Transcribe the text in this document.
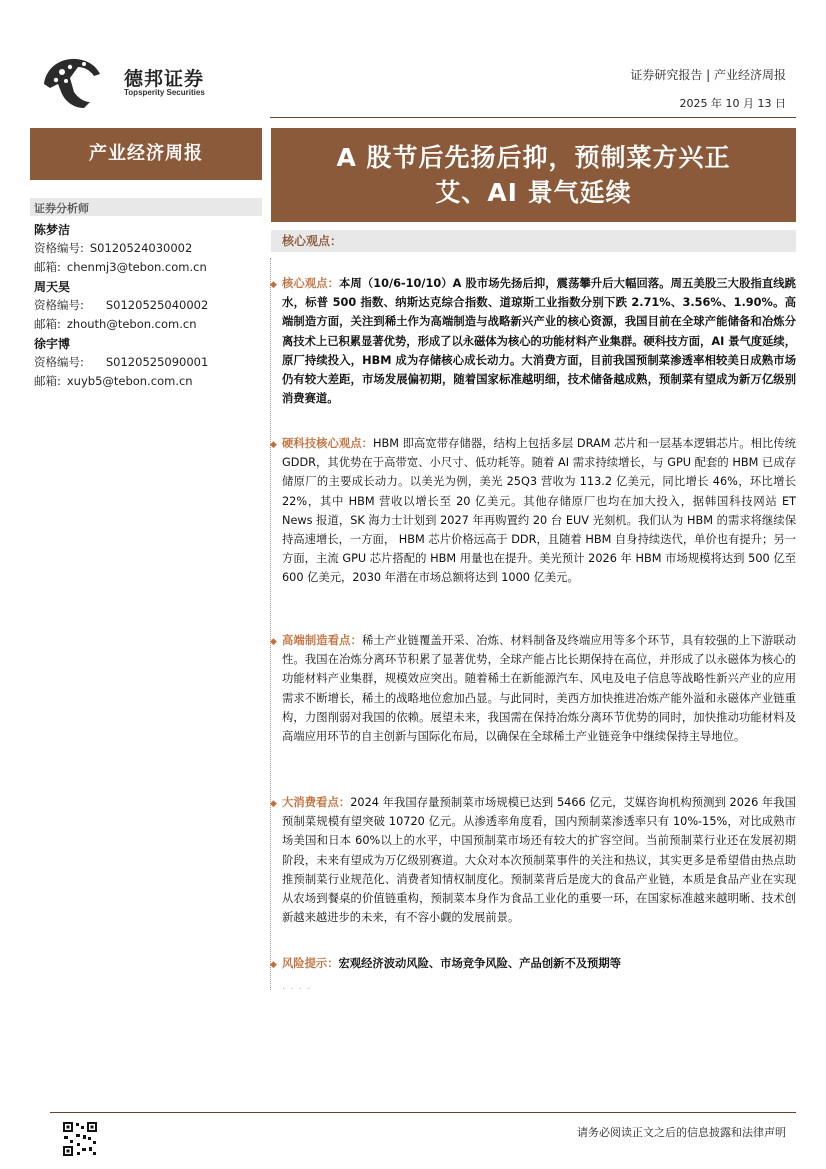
德邦证券
Topsperity Securities
证券研究报告 | 产业经济周报
2025 年 10 月 13 日
产业经济周报
证券分析师
陈梦洁
资格编号: S0120524030002
邮箱: chenmj3@tebon.com.cn
周天昊
资格编号: S0120525040002
邮箱: zhouth@tebon.com.cn
徐宇博
资格编号: S0120525090001
邮箱: xuyb5@tebon.com.cn
A 股节后先扬后抑，预制菜方兴正
艾、AI 景气延续
核心观点：
◆ 核心观点：本周（10/6-10/10）A 股市场先扬后抑，震荡攀升后大幅回落。周五美股三大股指直线跳水，标普 500 指数、纳斯达克综合指数、道琼斯工业指数分别下跌 2.71%、3.56%、1.90%。高端制造方面，关注到稀土作为高端制造与战略新兴产业的核心资源，我国目前在全球产能储备和冶炼分离技术上已积累显著优势，形成了以永磁体为核心的功能材料产业集群。硬科技方面，AI 景气度延续，原厂持续投入，HBM 成为存储核心成长动力。大消费方面，目前我国预制菜渗透率相较美日成熟市场仍有较大差距，市场发展偏初期，随着国家标准越明细，技术储备越成熟，预制菜有望成为新万亿级别消费赛道。
◆ 硬科技核心观点：HBM 即高宽带存储器，结构上包括多层 DRAM 芯片和一层基本逻辑芯片。相比传统 GDDR，其优势在于高带宽、小尺寸、低功耗等。随着 AI 需求持续增长，与 GPU 配套的 HBM 已成存储原厂的主要成长动力。以美光为例，美光 25Q3 营收为 113.2 亿美元，同比增长 46%，环比增长 22%，其中 HBM 营收以增长至 20 亿美元。其他存储原厂也均在加大投入，据韩国科技网站 ET News 报道，SK 海力士计划到 2027 年再购置约 20 台 EUV 光刻机。我们认为 HBM 的需求将继续保持高速增长，一方面， HBM 芯片价格远高于 DDR，且随着 HBM 自身持续迭代，单价也有提升；另一方面，主流 GPU 芯片搭配的 HBM 用量也在提升。美光预计 2026 年 HBM 市场规模将达到 500 亿至 600 亿美元，2030 年潜在市场总额将达到 1000 亿美元。
◆ 高端制造看点：稀土产业链覆盖开采、冶炼、材料制备及终端应用等多个环节，具有较强的上下游联动性。我国在冶炼分离环节积累了显著优势，全球产能占比长期保持在高位，并形成了以永磁体为核心的功能材料产业集群，规模效应突出。随着稀土在新能源汽车、风电及电子信息等战略性新兴产业的应用需求不断增长，稀土的战略地位愈加凸显。与此同时，美西方加快推进冶炼产能外溢和永磁体产业链重构，力图削弱对我国的依赖。展望未来，我国需在保持冶炼分离环节优势的同时，加快推动功能材料及高端应用环节的自主创新与国际化布局，以确保在全球稀土产业链竞争中继续保持主导地位。
◆ 大消费看点：2024 年我国存量预制菜市场规模已达到 5466 亿元，艾媒咨询机构预测到 2026 年我国预制菜规模有望突破 10720 亿元。从渗透率角度看，国内预制菜渗透率只有 10%-15%，对比成熟市场美国和日本 60%以上的水平，中国预制菜市场还有较大的扩容空间。当前预制菜行业还在发展初期阶段，未来有望成为万亿级别赛道。大众对本次预制菜事件的关注和热议，其实更多是希望借由热点助推预制菜行业规范化、消费者知情权制度化。预制菜背后是庞大的食品产业链，本质是食品产业在实现从农场到餐桌的价值链重构，预制菜本身作为食品工业化的重要一环，在国家标准越来越明晰、技术创新越来越进步的未来，有不容小觑的发展前景。
◆ 风险提示：宏观经济波动风险、市场竞争风险、产品创新不及预期等
· · · ·
请务必阅读正文之后的信息披露和法律声明
